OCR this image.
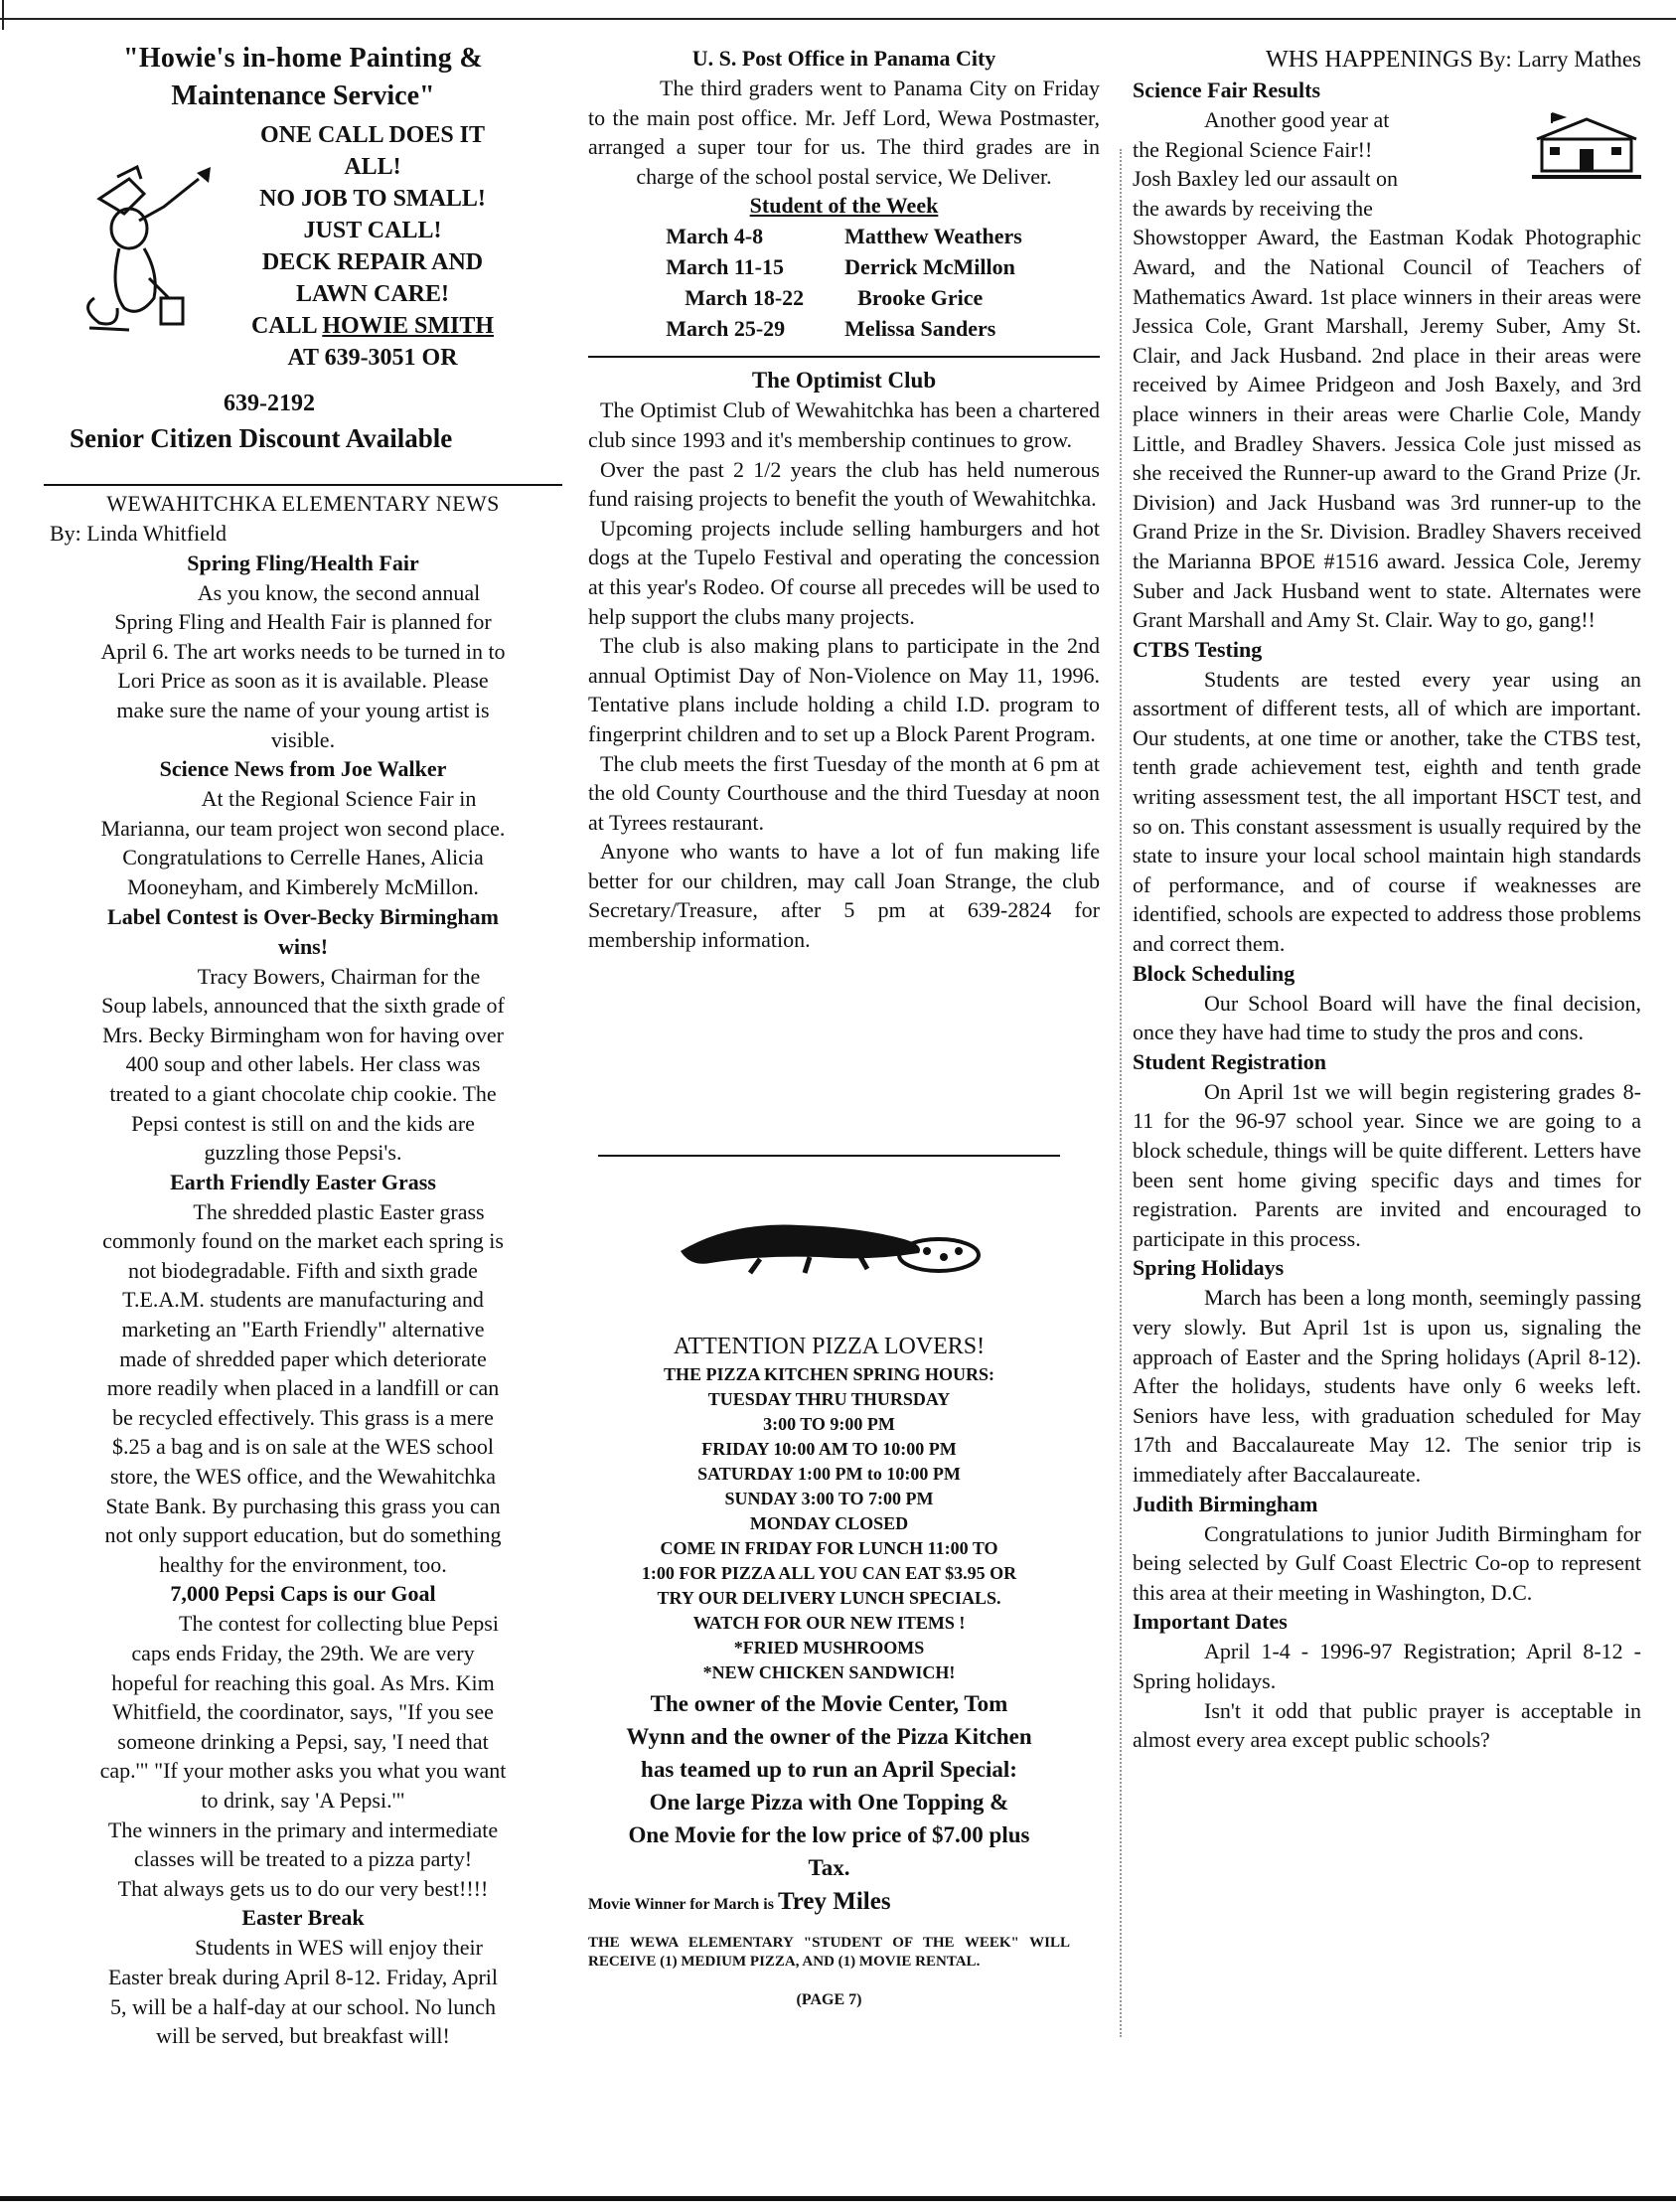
"Howie's in-home Painting &

Maintenance Service"

ONE CALL DOES IT

ALL!

NO JOB TO SMALL!

JUST CALL!

DECK REPAIR AND

LAWN CARE!

CALL HOWIE SMITH

AT 639-3051 OR

639-2192

Senior Citizen Discount Available

WEWAHITCHKA ELEMENTARY NEWS

By: Linda Whitfield

Spring Fling/Health Fair

As you know, the second annual

Spring Fling and Health Fair is planned for

April 6. The art works needs to be turned in to

Lori Price as soon as it is available. Please

make sure the name of your young artist is

visible.

Science News from Joe Walker

At the Regional Science Fair in

Marianna, our team project won second place.

Congratulations to Cerrelle Hanes, Alicia

Mooneyham, and Kimberely McMillon.

Label Contest is Over-Becky Birmingham

wins!

Tracy Bowers, Chairman for the

Soup labels, announced that the sixth grade of

Mrs. Becky Birmingham won for having over

400 soup and other labels. Her class was

treated to a giant chocolate chip cookie. The

Pepsi contest is still on and the kids are

guzzling those Pepsi's.

Earth Friendly Easter Grass

The shredded plastic Easter grass

commonly found on the market each spring is

not biodegradable. Fifth and sixth grade

T.E.A.M. students are manufacturing and

marketing an "Earth Friendly" alternative

made of shredded paper which deteriorate

more readily when placed in a landfill or can

be recycled effectively. This grass is a mere

$.25 a bag and is on sale at the WES school

store, the WES office, and the Wewahitchka

State Bank. By purchasing this grass you can

not only support education, but do something

healthy for the environment, too.

7,000 Pepsi Caps is our Goal

The contest for collecting blue Pepsi

caps ends Friday, the 29th. We are very

hopeful for reaching this goal. As Mrs. Kim

Whitfield, the coordinator, says, "If you see

someone drinking a Pepsi, say, 'I need that

cap.'" "If your mother asks you what you want

to drink, say 'A Pepsi.'"

The winners in the primary and intermediate

classes will be treated to a pizza party!

That always gets us to do our very best!!!!

Easter Break

Students in WES will enjoy their

Easter break during April 8-12. Friday, April

5, will be a half-day at our school. No lunch

will be served, but breakfast will!

U. S. Post Office in Panama City

The third graders went to Panama City on Friday to the main post office. Mr. Jeff Lord, Wewa Postmaster, arranged a super tour for us. The third grades are in charge of the school postal service, We Deliver.

Student of the Week

March 4-8	Matthew Weathers
March 11-15	Derrick McMillon
March 18-22	Brooke Grice
March 25-29	Melissa Sanders

The Optimist Club

The Optimist Club of Wewahitchka has been a chartered club since 1993 and it's membership continues to grow.

Over the past 2 1/2 years the club has held numerous fund raising projects to benefit the youth of Wewahitchka.

Upcoming projects include selling hamburgers and hot dogs at the Tupelo Festival and operating the concession at this year's Rodeo. Of course all precedes will be used to help support the clubs many projects.

The club is also making plans to participate in the 2nd annual Optimist Day of Non-Violence on May 11, 1996. Tentative plans include holding a child I.D. program to fingerprint children and to set up a Block Parent Program.

The club meets the first Tuesday of the month at 6 pm at the old County Courthouse and the third Tuesday at noon at Tyrees restaurant.

Anyone who wants to have a lot of fun making life better for our children, may call Joan Strange, the club Secretary/Treasure, after 5 pm at 639-2824 for membership information.

ATTENTION PIZZA LOVERS!

THE PIZZA KITCHEN SPRING HOURS:

TUESDAY THRU THURSDAY

3:00 TO 9:00 PM

FRIDAY 10:00 AM TO 10:00 PM

SATURDAY 1:00 PM to 10:00 PM

SUNDAY 3:00 TO 7:00 PM

MONDAY CLOSED

COME IN FRIDAY FOR LUNCH 11:00 TO

1:00 FOR PIZZA ALL YOU CAN EAT $3.95 OR

TRY OUR DELIVERY LUNCH SPECIALS.

WATCH FOR OUR NEW ITEMS !

*FRIED MUSHROOMS

*NEW CHICKEN SANDWICH!

The owner of the Movie Center, Tom

Wynn and the owner of the Pizza Kitchen

has teamed up to run an April Special:

One large Pizza with One Topping &

One Movie for the low price of $7.00 plus

Tax.

Movie Winner for March is Trey Miles

THE WEWA ELEMENTARY "STUDENT OF THE WEEK" WILL RECEIVE (1) MEDIUM PIZZA, AND (1) MOVIE RENTAL.

(PAGE 7)

WHS HAPPENINGS By: Larry Mathes

Science Fair Results

Another good year at

the Regional Science Fair!!

Josh Baxley led our assault on

the awards by receiving the

Showstopper Award, the Eastman Kodak Photographic Award, and the National Council of Teachers of Mathematics Award. 1st place winners in their areas were Jessica Cole, Grant Marshall, Jeremy Suber, Amy St. Clair, and Jack Husband. 2nd place in their areas were received by Aimee Pridgeon and Josh Baxely, and 3rd place winners in their areas were Charlie Cole, Mandy Little, and Bradley Shavers. Jessica Cole just missed as she received the Runner-up award to the Grand Prize (Jr. Division) and Jack Husband was 3rd runner-up to the Grand Prize in the Sr. Division. Bradley Shavers received the Marianna BPOE #1516 award. Jessica Cole, Jeremy Suber and Jack Husband went to state. Alternates were Grant Marshall and Amy St. Clair. Way to go, gang!!

CTBS Testing

Students are tested every year using an assortment of different tests, all of which are important. Our students, at one time or another, take the CTBS test, tenth grade achievement test, eighth and tenth grade writing assessment test, the all important HSCT test, and so on. This constant assessment is usually required by the state to insure your local school maintain high standards of performance, and of course if weaknesses are identified, schools are expected to address those problems and correct them.

Block Scheduling

Our School Board will have the final decision, once they have had time to study the pros and cons.

Student Registration

On April 1st we will begin registering grades 8-11 for the 96-97 school year. Since we are going to a block schedule, things will be quite different. Letters have been sent home giving specific days and times for registration. Parents are invited and encouraged to participate in this process.

Spring Holidays

March has been a long month, seemingly passing very slowly. But April 1st is upon us, signaling the approach of Easter and the Spring holidays (April 8-12). After the holidays, students have only 6 weeks left. Seniors have less, with graduation scheduled for May 17th and Baccalaureate May 12. The senior trip is immediately after Baccalaureate.

Judith Birmingham

Congratulations to junior Judith Birmingham for being selected by Gulf Coast Electric Co-op to represent this area at their meeting in Washington, D.C.

Important Dates

April 1-4 - 1996-97 Registration; April 8-12 - Spring holidays.

Isn't it odd that public prayer is acceptable in almost every area except public schools?
